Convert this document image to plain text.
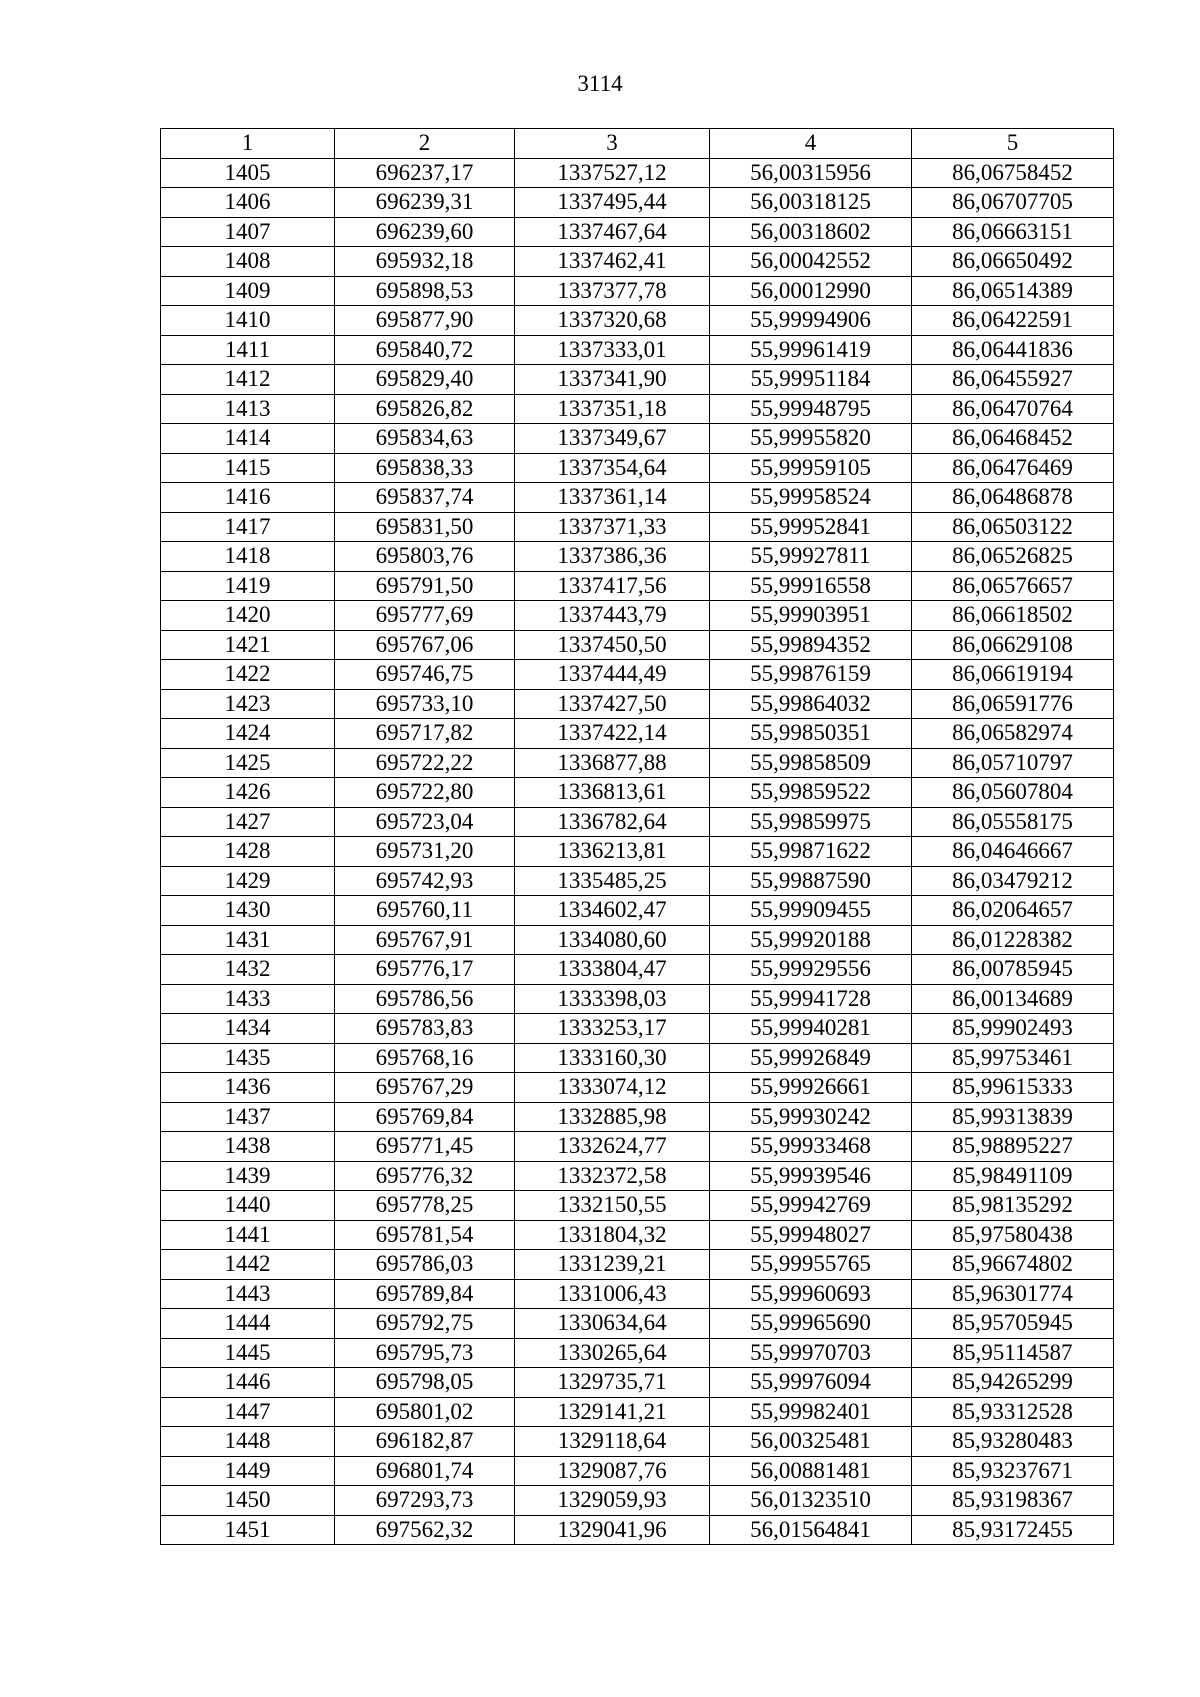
3114
1	2	3	4	5
1405	696237,17	1337527,12	56,00315956	86,06758452
1406	696239,31	1337495,44	56,00318125	86,06707705
1407	696239,60	1337467,64	56,00318602	86,06663151
1408	695932,18	1337462,41	56,00042552	86,06650492
1409	695898,53	1337377,78	56,00012990	86,06514389
1410	695877,90	1337320,68	55,99994906	86,06422591
1411	695840,72	1337333,01	55,99961419	86,06441836
1412	695829,40	1337341,90	55,99951184	86,06455927
1413	695826,82	1337351,18	55,99948795	86,06470764
1414	695834,63	1337349,67	55,99955820	86,06468452
1415	695838,33	1337354,64	55,99959105	86,06476469
1416	695837,74	1337361,14	55,99958524	86,06486878
1417	695831,50	1337371,33	55,99952841	86,06503122
1418	695803,76	1337386,36	55,99927811	86,06526825
1419	695791,50	1337417,56	55,99916558	86,06576657
1420	695777,69	1337443,79	55,99903951	86,06618502
1421	695767,06	1337450,50	55,99894352	86,06629108
1422	695746,75	1337444,49	55,99876159	86,06619194
1423	695733,10	1337427,50	55,99864032	86,06591776
1424	695717,82	1337422,14	55,99850351	86,06582974
1425	695722,22	1336877,88	55,99858509	86,05710797
1426	695722,80	1336813,61	55,99859522	86,05607804
1427	695723,04	1336782,64	55,99859975	86,05558175
1428	695731,20	1336213,81	55,99871622	86,04646667
1429	695742,93	1335485,25	55,99887590	86,03479212
1430	695760,11	1334602,47	55,99909455	86,02064657
1431	695767,91	1334080,60	55,99920188	86,01228382
1432	695776,17	1333804,47	55,99929556	86,00785945
1433	695786,56	1333398,03	55,99941728	86,00134689
1434	695783,83	1333253,17	55,99940281	85,99902493
1435	695768,16	1333160,30	55,99926849	85,99753461
1436	695767,29	1333074,12	55,99926661	85,99615333
1437	695769,84	1332885,98	55,99930242	85,99313839
1438	695771,45	1332624,77	55,99933468	85,98895227
1439	695776,32	1332372,58	55,99939546	85,98491109
1440	695778,25	1332150,55	55,99942769	85,98135292
1441	695781,54	1331804,32	55,99948027	85,97580438
1442	695786,03	1331239,21	55,99955765	85,96674802
1443	695789,84	1331006,43	55,99960693	85,96301774
1444	695792,75	1330634,64	55,99965690	85,95705945
1445	695795,73	1330265,64	55,99970703	85,95114587
1446	695798,05	1329735,71	55,99976094	85,94265299
1447	695801,02	1329141,21	55,99982401	85,93312528
1448	696182,87	1329118,64	56,00325481	85,93280483
1449	696801,74	1329087,76	56,00881481	85,93237671
1450	697293,73	1329059,93	56,01323510	85,93198367
1451	697562,32	1329041,96	56,01564841	85,93172455
